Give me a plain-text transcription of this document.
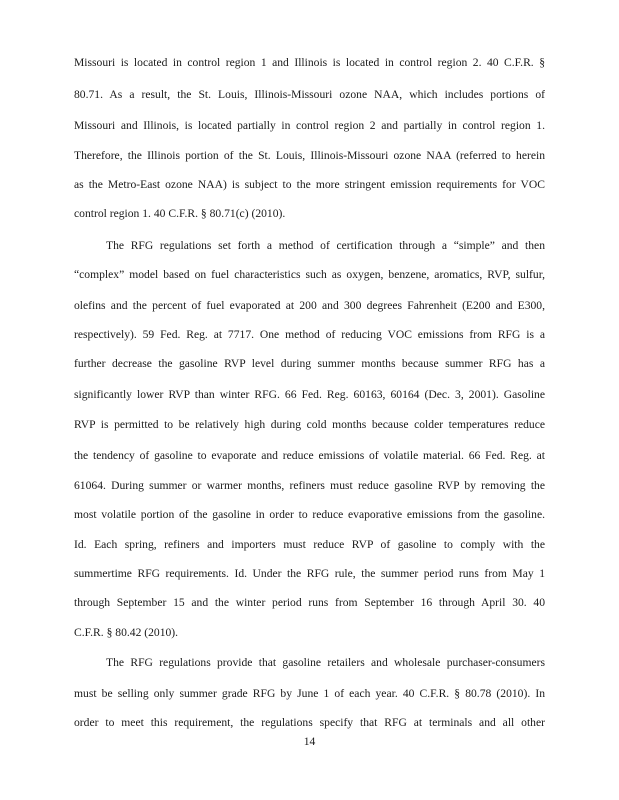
Missouri is located in control region 1 and Illinois is located in control region 2. 40 C.F.R. §
80.71. As a result, the St. Louis, Illinois-Missouri ozone NAA, which includes portions of
Missouri and Illinois, is located partially in control region 2 and partially in control region 1.
Therefore, the Illinois portion of the St. Louis, Illinois-Missouri ozone NAA (referred to herein
as the Metro-East ozone NAA) is subject to the more stringent emission requirements for VOC
control region 1. 40 C.F.R. § 80.71(c) (2010).
The RFG regulations set forth a method of certification through a “simple” and then
“complex” model based on fuel characteristics such as oxygen, benzene, aromatics, RVP, sulfur,
olefins and the percent of fuel evaporated at 200 and 300 degrees Fahrenheit (E200 and E300,
respectively). 59 Fed. Reg. at 7717. One method of reducing VOC emissions from RFG is a
further decrease the gasoline RVP level during summer months because summer RFG has a
significantly lower RVP than winter RFG. 66 Fed. Reg. 60163, 60164 (Dec. 3, 2001). Gasoline
RVP is permitted to be relatively high during cold months because colder temperatures reduce
the tendency of gasoline to evaporate and reduce emissions of volatile material. 66 Fed. Reg. at
61064. During summer or warmer months, refiners must reduce gasoline RVP by removing the
most volatile portion of the gasoline in order to reduce evaporative emissions from the gasoline.
Id. Each spring, refiners and importers must reduce RVP of gasoline to comply with the
summertime RFG requirements. Id. Under the RFG rule, the summer period runs from May 1
through September 15 and the winter period runs from September 16 through April 30. 40
C.F.R. § 80.42 (2010).
The RFG regulations provide that gasoline retailers and wholesale purchaser-consumers
must be selling only summer grade RFG by June 1 of each year. 40 C.F.R. § 80.78 (2010). In
order to meet this requirement, the regulations specify that RFG at terminals and all other
14
